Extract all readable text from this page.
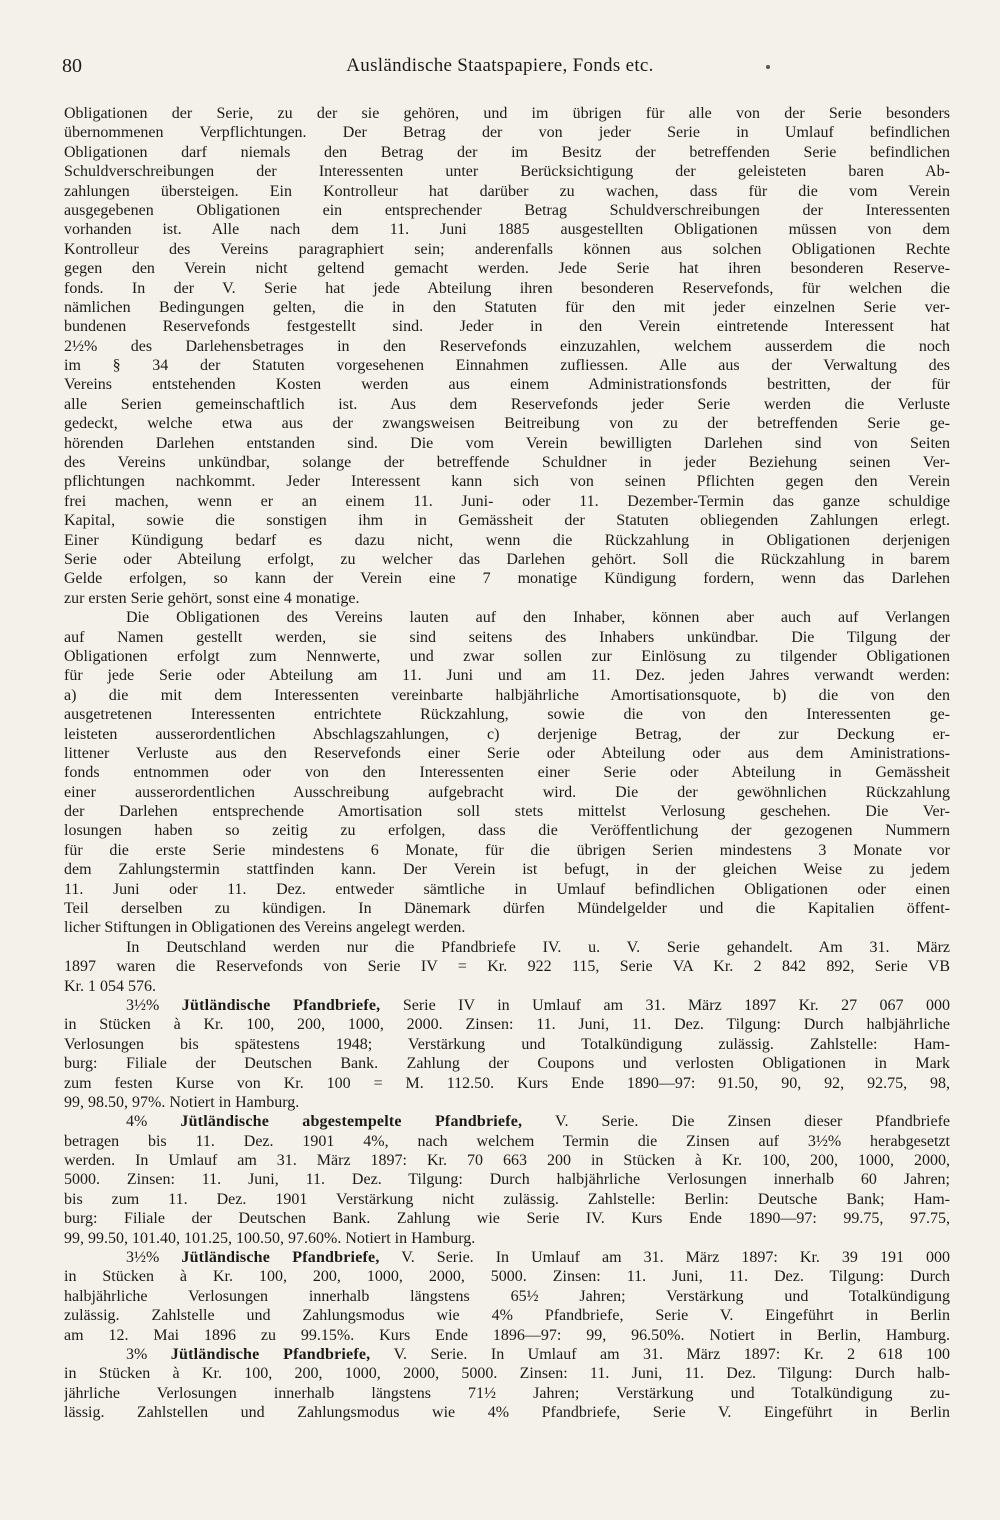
80	Ausländische Staatspapiere, Fonds etc.
Obligationen der Serie, zu der sie gehören, und im übrigen für alle von der Serie besonders
übernommenen Verpflichtungen. Der Betrag der von jeder Serie in Umlauf befindlichen
Obligationen darf niemals den Betrag der im Besitz der betreffenden Serie befindlichen
Schuldverschreibungen der Interessenten unter Berücksichtigung der geleisteten baren Ab-
zahlungen übersteigen. Ein Kontrolleur hat darüber zu wachen, dass für die vom Verein
ausgegebenen Obligationen ein entsprechender Betrag Schuldverschreibungen der Interessenten
vorhanden ist. Alle nach dem 11. Juni 1885 ausgestellten Obligationen müssen von dem
Kontrolleur des Vereins paragraphiert sein; anderenfalls können aus solchen Obligationen Rechte
gegen den Verein nicht geltend gemacht werden. Jede Serie hat ihren besonderen Reserve-
fonds. In der V. Serie hat jede Abteilung ihren besonderen Reservefonds, für welchen die
nämlichen Bedingungen gelten, die in den Statuten für den mit jeder einzelnen Serie ver-
bundenen Reservefonds festgestellt sind. Jeder in den Verein eintretende Interessent hat
2½% des Darlehensbetrages in den Reservefonds einzuzahlen, welchem ausserdem die noch
im § 34 der Statuten vorgesehenen Einnahmen zufliessen. Alle aus der Verwaltung des
Vereins entstehenden Kosten werden aus einem Administrationsfonds bestritten, der für
alle Serien gemeinschaftlich ist. Aus dem Reservefonds jeder Serie werden die Verluste
gedeckt, welche etwa aus der zwangsweisen Beitreibung von zu der betreffenden Serie ge-
hörenden Darlehen entstanden sind. Die vom Verein bewilligten Darlehen sind von Seiten
des Vereins unkündbar, solange der betreffende Schuldner in jeder Beziehung seinen Ver-
pflichtungen nachkommt. Jeder Interessent kann sich von seinen Pflichten gegen den Verein
frei machen, wenn er an einem 11. Juni- oder 11. Dezember-Termin das ganze schuldige
Kapital, sowie die sonstigen ihm in Gemässheit der Statuten obliegenden Zahlungen erlegt.
Einer Kündigung bedarf es dazu nicht, wenn die Rückzahlung in Obligationen derjenigen
Serie oder Abteilung erfolgt, zu welcher das Darlehen gehört. Soll die Rückzahlung in barem
Gelde erfolgen, so kann der Verein eine 7 monatige Kündigung fordern, wenn das Darlehen
zur ersten Serie gehört, sonst eine 4 monatige.
Die Obligationen des Vereins lauten auf den Inhaber, können aber auch auf Verlangen
auf Namen gestellt werden, sie sind seitens des Inhabers unkündbar. Die Tilgung der
Obligationen erfolgt zum Nennwerte, und zwar sollen zur Einlösung zu tilgender Obligationen
für jede Serie oder Abteilung am 11. Juni und am 11. Dez. jeden Jahres verwandt werden:
a) die mit dem Interessenten vereinbarte halbjährliche Amortisationsquote, b) die von den
ausgetretenen Interessenten entrichtete Rückzahlung, sowie die von den Interessenten ge-
leisteten ausserordentlichen Abschlagszahlungen, c) derjenige Betrag, der zur Deckung er-
littener Verluste aus den Reservefonds einer Serie oder Abteilung oder aus dem Aministrations-
fonds entnommen oder von den Interessenten einer Serie oder Abteilung in Gemässheit
einer ausserordentlichen Ausschreibung aufgebracht wird. Die der gewöhnlichen Rückzahlung
der Darlehen entsprechende Amortisation soll stets mittelst Verlosung geschehen. Die Ver-
losungen haben so zeitig zu erfolgen, dass die Veröffentlichung der gezogenen Nummern
für die erste Serie mindestens 6 Monate, für die übrigen Serien mindestens 3 Monate vor
dem Zahlungstermin stattfinden kann. Der Verein ist befugt, in der gleichen Weise zu jedem
11. Juni oder 11. Dez. entweder sämtliche in Umlauf befindlichen Obligationen oder einen
Teil derselben zu kündigen. In Dänemark dürfen Mündelgelder und die Kapitalien öffent-
licher Stiftungen in Obligationen des Vereins angelegt werden.
In Deutschland werden nur die Pfandbriefe IV. u. V. Serie gehandelt. Am 31. März
1897 waren die Reservefonds von Serie IV = Kr. 922 115, Serie VA Kr. 2 842 892, Serie VB
Kr. 1 054 576.
3½% Jütländische Pfandbriefe, Serie IV in Umlauf am 31. März 1897 Kr. 27 067 000
in Stücken à Kr. 100, 200, 1000, 2000. Zinsen: 11. Juni, 11. Dez. Tilgung: Durch halbjährliche
Verlosungen bis spätestens 1948; Verstärkung und Totalkündigung zulässig. Zahlstelle: Ham-
burg: Filiale der Deutschen Bank. Zahlung der Coupons und verlosten Obligationen in Mark
zum festen Kurse von Kr. 100 = M. 112.50. Kurs Ende 1890—97: 91.50, 90, 92, 92.75, 98,
99, 98.50, 97%. Notiert in Hamburg.
4% Jütländische abgestempelte Pfandbriefe, V. Serie. Die Zinsen dieser Pfandbriefe
betragen bis 11. Dez. 1901 4%, nach welchem Termin die Zinsen auf 3½% herabgesetzt
werden. In Umlauf am 31. März 1897: Kr. 70 663 200 in Stücken à Kr. 100, 200, 1000, 2000,
5000. Zinsen: 11. Juni, 11. Dez. Tilgung: Durch halbjährliche Verlosungen innerhalb 60 Jahren;
bis zum 11. Dez. 1901 Verstärkung nicht zulässig. Zahlstelle: Berlin: Deutsche Bank; Ham-
burg: Filiale der Deutschen Bank. Zahlung wie Serie IV. Kurs Ende 1890—97: 99.75, 97.75,
99, 99.50, 101.40, 101.25, 100.50, 97.60%. Notiert in Hamburg.
3½% Jütländische Pfandbriefe, V. Serie. In Umlauf am 31. März 1897: Kr. 39 191 000
in Stücken à Kr. 100, 200, 1000, 2000, 5000. Zinsen: 11. Juni, 11. Dez. Tilgung: Durch
halbjährliche Verlosungen innerhalb längstens 65½ Jahren; Verstärkung und Totalkündigung
zulässig. Zahlstelle und Zahlungsmodus wie 4% Pfandbriefe, Serie V. Eingeführt in Berlin
am 12. Mai 1896 zu 99.15%. Kurs Ende 1896—97: 99, 96.50%. Notiert in Berlin, Hamburg.
3% Jütländische Pfandbriefe, V. Serie. In Umlauf am 31. März 1897: Kr. 2 618 100
in Stücken à Kr. 100, 200, 1000, 2000, 5000. Zinsen: 11. Juni, 11. Dez. Tilgung: Durch halb-
jährliche Verlosungen innerhalb längstens 71½ Jahren; Verstärkung und Totalkündigung zu-
lässig. Zahlstellen und Zahlungsmodus wie 4% Pfandbriefe, Serie V. Eingeführt in Berlin
